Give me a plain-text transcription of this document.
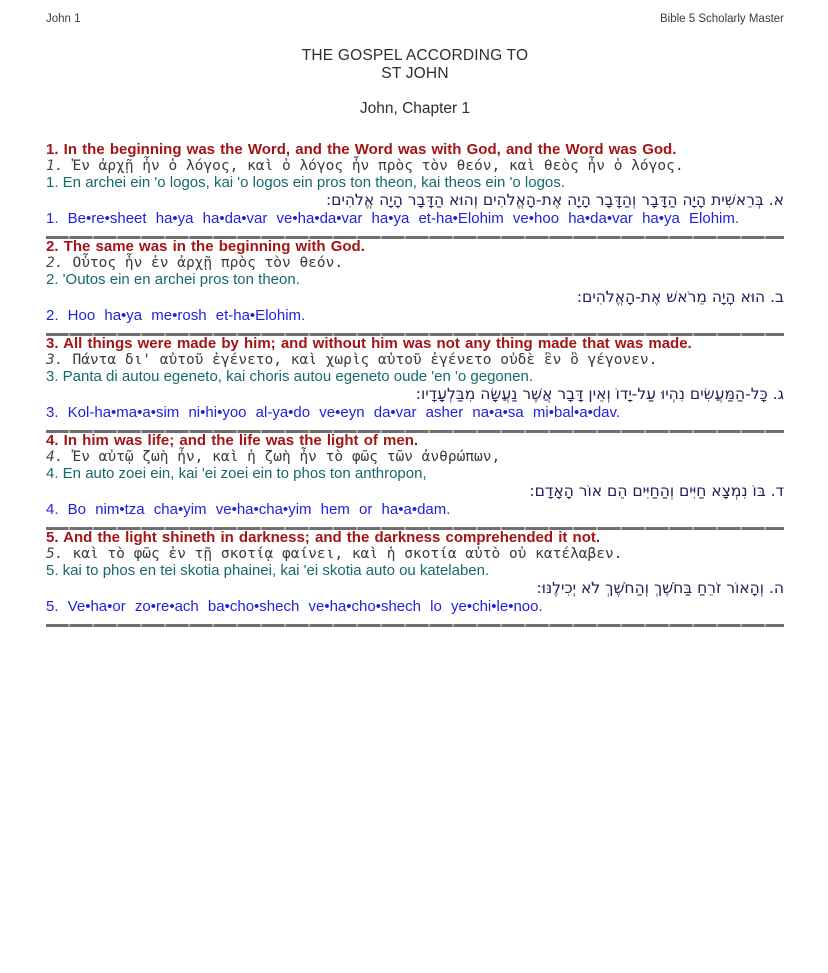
John 1	Bible 5 Scholarly Master
THE GOSPEL ACCORDING TO
ST JOHN
John, Chapter 1

1. In the beginning was the Word, and the Word was with God, and the Word was God.

1. Ἐν ἀρχῇ ἦν ὁ λόγος, καὶ ὁ λόγος ἦν πρὸς τὸν θεόν, καὶ θεὸς ἦν ὁ λόγος.

1. En archei ein 'o logos, kai 'o logos ein pros ton theon, kai theos ein 'o logos.

א. בְּרֵאשִׁית הָיָה הַדָּבָר וְהַדָּבָר הָיָה אֶת-הָאֱלֹהִים וְהוּא הַדָּבָר הָיָה אֱלֹהִים:

1. Be•re•sheet ha•ya ha•da•var ve•ha•da•var ha•ya et-ha•Elohim ve•hoo ha•da•var ha•ya Elohim.

2. The same was in the beginning with God.

2. Οὗτος ἦν ἐν ἀρχῇ πρὸς τὸν θεόν.

2. 'Outos ein en archei pros ton theon.

ב. הוּא הָיָה מֵרֹאשׁ אֶת-הָאֱלֹהִים:

2. Hoo ha•ya me•rosh et-ha•Elohim.

3. All things were made by him; and without him was not any thing made that was made.

3. Πάντα δι' αὐτοῦ ἐγένετο, καὶ χωρὶς αὐτοῦ ἐγένετο οὐδὲ ἓν ὃ γέγονεν.

3. Panta di autou egeneto, kai choris autou egeneto oude 'en 'o gegonen.

ג. כָּל-הַמַּעֲשִׂים נִהְיוּ עַל-יָדוֹ וְאֵין דָּבָר אֲשֶׁר נַעֲשָׂה מִבַּלְעָדָיו:

3. Kol-ha•ma•a•sim ni•hi•yoo al-ya•do ve•eyn da•var asher na•a•sa mi•bal•a•dav.

4. In him was life; and the life was the light of men.

4. Ἐν αὐτῷ ζωὴ ἦν, καὶ ἡ ζωὴ ἦν τὸ φῶς τῶν ἀνθρώπων,

4. En auto zoei ein, kai 'ei zoei ein to phos ton anthropon,

ד. בּוֹ נִמְצָא חַיִּים וְהַחַיִּים הֵם אוֹר הָאָדָם:

4. Bo nim•tza cha•yim ve•ha•cha•yim hem or ha•a•dam.

5. And the light shineth in darkness; and the darkness comprehended it not.

5. καὶ τὸ φῶς ἐν τῇ σκοτίᾳ φαίνει, καὶ ἡ σκοτία αὐτὸ οὐ κατέλαβεν.

5. kai to phos en tei skotia phainei, kai 'ei skotia auto ou katelaben.

ה. וְהָאוֹר זֹרֵחַ בַּחֹשֶׁךְ וְהַחֹשֶׁךְ לֹא יְכִילֶנּוּ:

5. Ve•ha•or zo•re•ach ba•cho•shech ve•ha•cho•shech lo ye•chi•le•noo.
